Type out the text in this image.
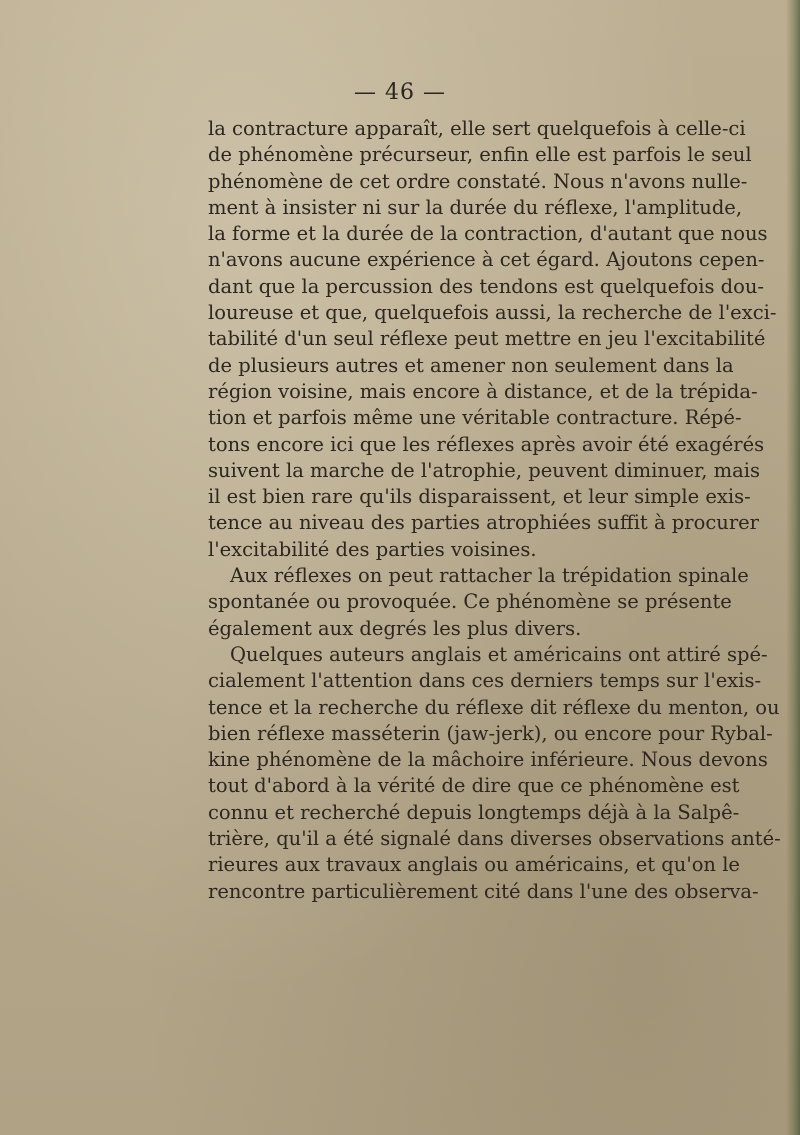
— 46 —
la contracture apparaît, elle sert quelquefois à celle-ci
de phénomène précurseur, enfin elle est parfois le seul
phénomène de cet ordre constaté. Nous n'avons nulle-
ment à insister ni sur la durée du réflexe, l'amplitude,
la forme et la durée de la contraction, d'autant que nous
n'avons aucune expérience à cet égard. Ajoutons cepen-
dant que la percussion des tendons est quelquefois dou-
loureuse et que, quelquefois aussi, la recherche de l'exci-
tabilité d'un seul réflexe peut mettre en jeu l'excitabilité
de plusieurs autres et amener non seulement dans la
région voisine, mais encore à distance, et de la trépida-
tion et parfois même une véritable contracture. Répé-
tons encore ici que les réflexes après avoir été exagérés
suivent la marche de l'atrophie, peuvent diminuer, mais
il est bien rare qu'ils disparaissent, et leur simple exis-
tence au niveau des parties atrophiées suffit à procurer
l'excitabilité des parties voisines.
Aux réflexes on peut rattacher la trépidation spinale
spontanée ou provoquée. Ce phénomène se présente
également aux degrés les plus divers.
Quelques auteurs anglais et américains ont attiré spé-
cialement l'attention dans ces derniers temps sur l'exis-
tence et la recherche du réflexe dit réflexe du menton, ou
bien réflexe masséterin (jaw-jerk), ou encore pour Rybal-
kine phénomène de la mâchoire inférieure. Nous devons
tout d'abord à la vérité de dire que ce phénomène est
connu et recherché depuis longtemps déjà à la Salpê-
trière, qu'il a été signalé dans diverses observations anté-
rieures aux travaux anglais ou américains, et qu'on le
rencontre particulièrement cité dans l'une des observa-
